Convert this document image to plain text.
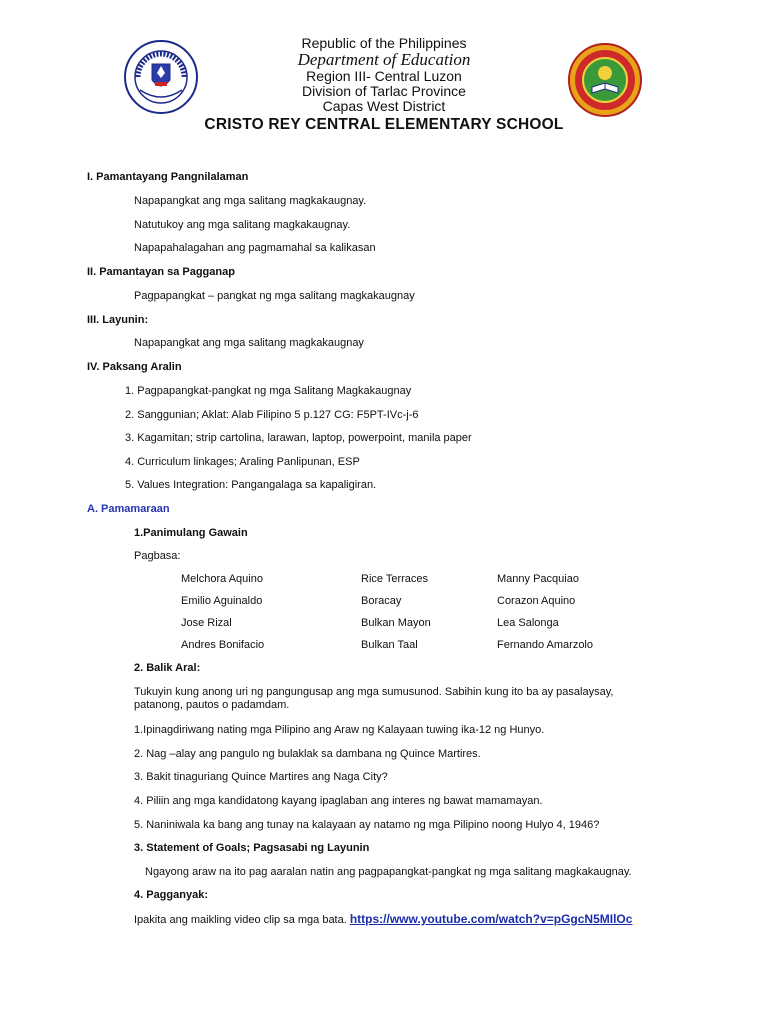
Republic of the Philippines
Department of Education
Region III- Central Luzon
Division of Tarlac Province
Capas West District
CRISTO REY CENTRAL ELEMENTARY SCHOOL
I. Pamantayang Pangnilalaman
Napapangkat ang mga salitang magkakaugnay.
Natutukoy ang mga salitang magkakaugnay.
Napapahalagahan ang pagmamahal sa kalikasan
II. Pamantayan sa Pagganap
Pagpapangkat – pangkat ng mga salitang magkakaugnay
III. Layunin:
Napapangkat ang mga salitang magkakaugnay
IV. Paksang Aralin
1. Pagpapangkat-pangkat ng mga Salitang Magkakaugnay
2. Sanggunian; Aklat: Alab Filipino 5 p.127 CG: F5PT-IVc-j-6
3. Kagamitan; strip cartolina, larawan, laptop, powerpoint, manila paper
4. Curriculum linkages; Araling Panlipunan, ESP
5. Values Integration: Pangangalaga sa kapaligiran.
A. Pamamaraan
1.Panimulang Gawain
Pagbasa:
Melchora Aquino	Rice Terraces	Manny Pacquiao
Emilio Aguinaldo	Boracay	Corazon Aquino
Jose Rizal	Bulkan Mayon	Lea Salonga
Andres Bonifacio	Bulkan Taal	Fernando Amarzolo
2. Balik Aral:
Tukuyin kung anong uri ng pangungusap ang mga sumusunod. Sabihin kung ito ba ay pasalaysay,
patanong, pautos o padamdam.
1.Ipinagdiriwang nating mga Pilipino ang Araw ng Kalayaan tuwing ika-12 ng Hunyo.
2. Nag –alay ang pangulo ng bulaklak sa dambana ng Quince Martires.
3. Bakit tinaguriang Quince Martires ang Naga City?
4. Piliin ang mga kandidatong kayang ipaglaban ang interes ng bawat mamamayan.
5. Naniniwala ka bang ang tunay na kalayaan ay natamo ng mga Pilipino noong Hulyo 4, 1946?
3. Statement of Goals; Pagsasabi ng Layunin
Ngayong araw na ito pag aaralan natin ang pagpapangkat-pangkat ng mga salitang magkakaugnay.
4. Pagganyak:
Ipakita ang maikling video clip sa mga bata. https://www.youtube.com/watch?v=pGgcN5MIlOc
